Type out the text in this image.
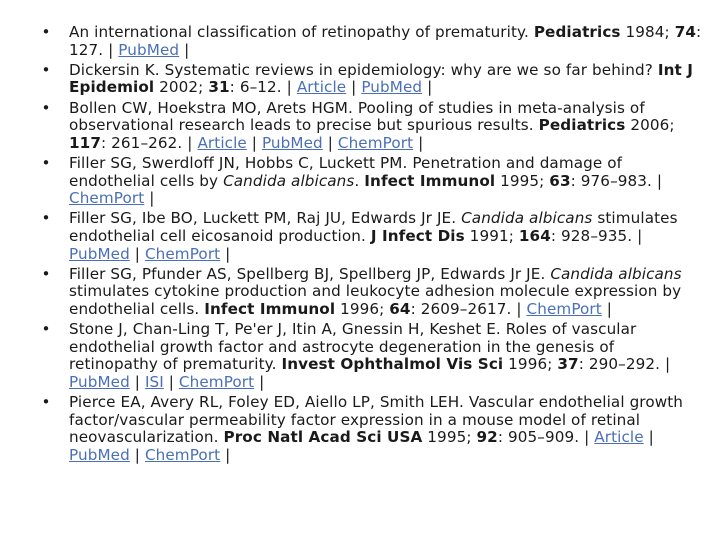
• An international classification of retinopathy of prematurity. Pediatrics 1984; 74: 127. | PubMed |
• Dickersin K. Systematic reviews in epidemiology: why are we so far behind? Int J Epidemiol 2002; 31: 6–12. | Article | PubMed |
• Bollen CW, Hoekstra MO, Arets HGM. Pooling of studies in meta-analysis of observational research leads to precise but spurious results. Pediatrics 2006; 117: 261–262. | Article | PubMed | ChemPort |
• Filler SG, Swerdloff JN, Hobbs C, Luckett PM. Penetration and damage of endothelial cells by Candida albicans. Infect Immunol 1995; 63: 976–983. | ChemPort |
• Filler SG, Ibe BO, Luckett PM, Raj JU, Edwards Jr JE. Candida albicans stimulates endothelial cell eicosanoid production. J Infect Dis 1991; 164: 928–935. | PubMed | ChemPort |
• Filler SG, Pfunder AS, Spellberg BJ, Spellberg JP, Edwards Jr JE. Candida albicans stimulates cytokine production and leukocyte adhesion molecule expression by endothelial cells. Infect Immunol 1996; 64: 2609–2617. | ChemPort |
• Stone J, Chan-Ling T, Pe'er J, Itin A, Gnessin H, Keshet E. Roles of vascular endothelial growth factor and astrocyte degeneration in the genesis of retinopathy of prematurity. Invest Ophthalmol Vis Sci 1996; 37: 290–292. | PubMed | ISI | ChemPort |
• Pierce EA, Avery RL, Foley ED, Aiello LP, Smith LEH. Vascular endothelial growth factor/vascular permeability factor expression in a mouse model of retinal neovascularization. Proc Natl Acad Sci USA 1995; 92: 905–909. | Article | PubMed | ChemPort |
